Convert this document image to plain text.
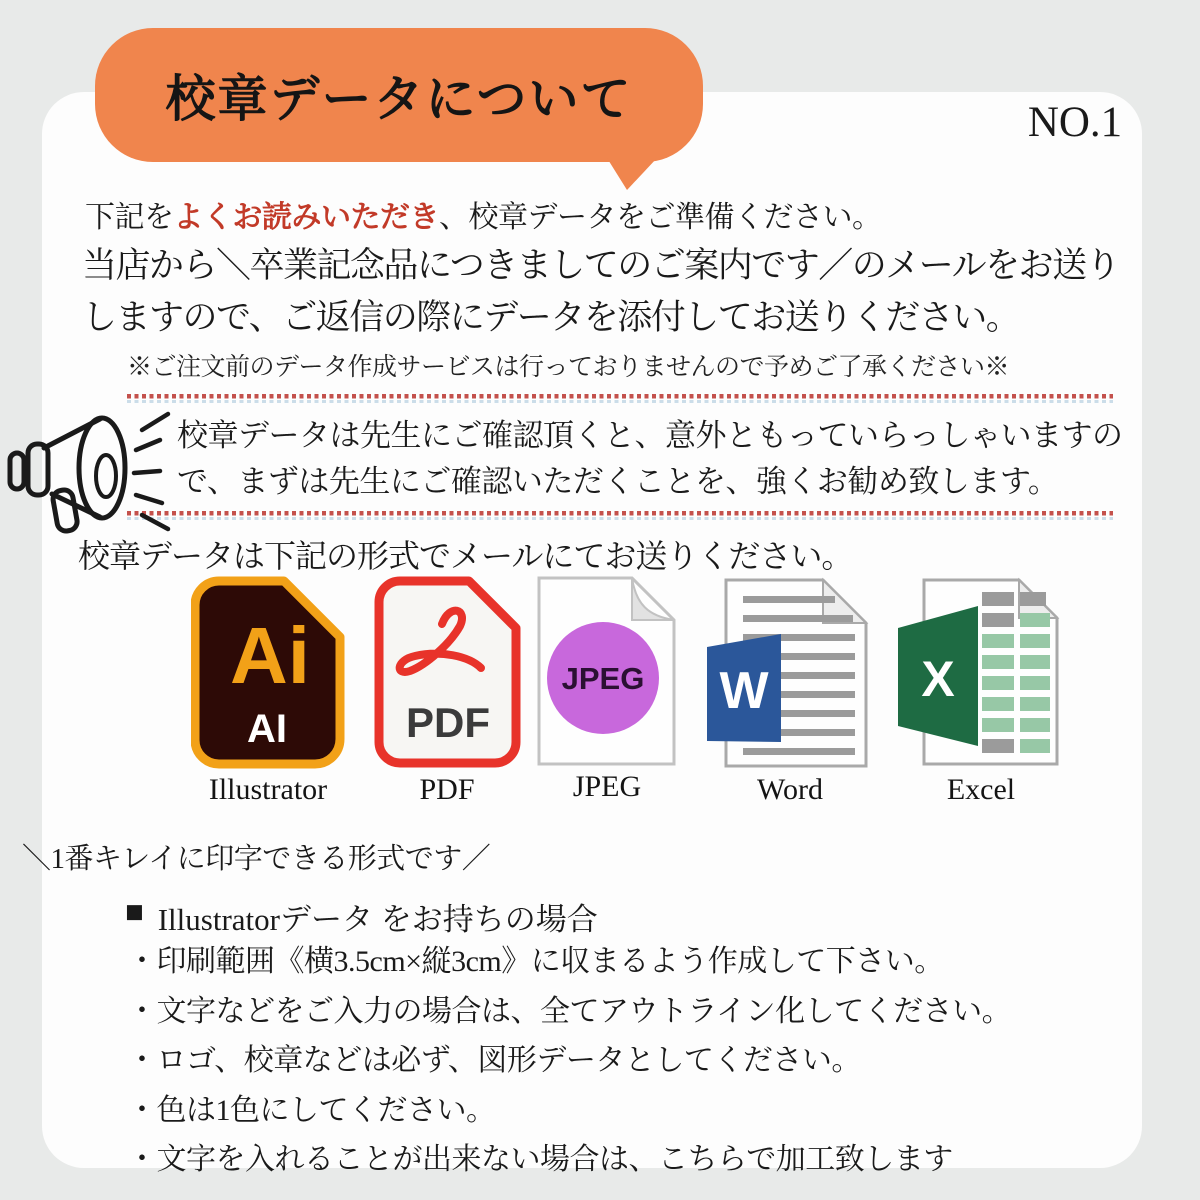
校章データについて	NO.1
下記をよくお読みいただき、校章データをご準備ください。
当店から＼卒業記念品につきましてのご案内です／のメールをお送り
しますので、ご返信の際にデータを添付してお送りください。
※ご注文前のデータ作成サービスは行っておりませんので予めご了承ください※
校章データは先生にご確認頂くと、意外ともっていらっしゃいますの
で、まずは先生にご確認いただくことを、強くお勧め致します。
校章データは下記の形式でメールにてお送りください。
Ai
AI
Illustrator
PDF
PDF
JPEG
JPEG
W
Word
X
Excel
＼1番キレイに印字できる形式です／
■ Illustratorデータ をお持ちの場合
・印刷範囲《横3.5cm×縦3cm》に収まるよう作成して下さい。
・文字などをご入力の場合は、全てアウトライン化してください。
・ロゴ、校章などは必ず、図形データとしてください。
・色は1色にしてください。
・文字を入れることが出来ない場合は、こちらで加工致します
